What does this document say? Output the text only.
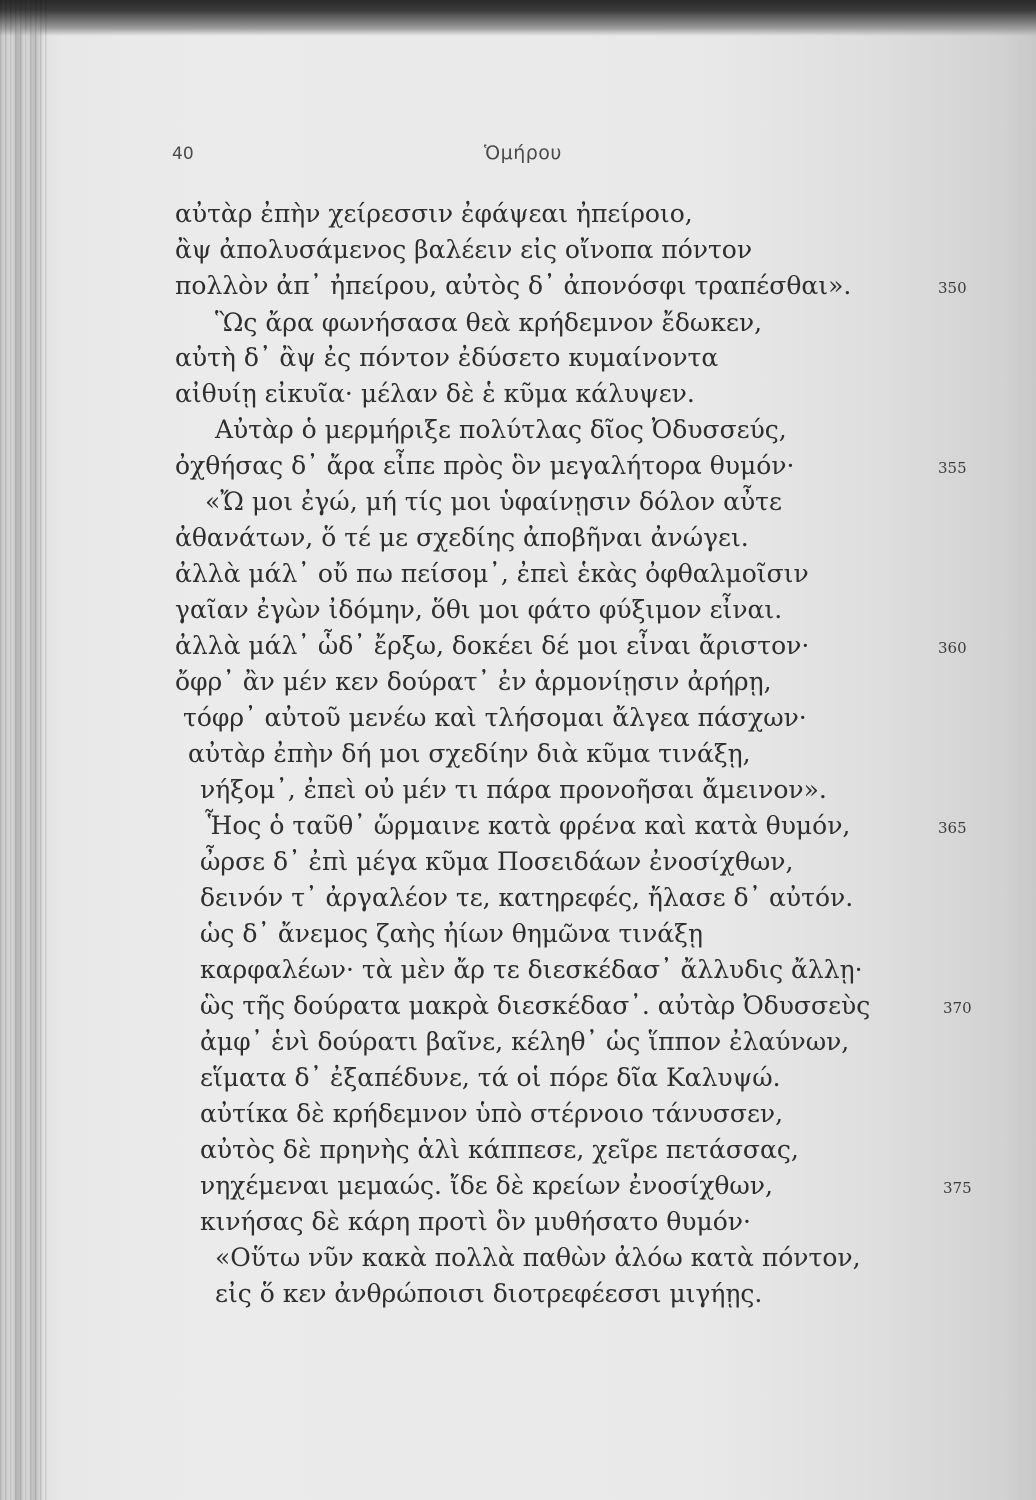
40	Ὁμήρου
αὐτὰρ ἐπὴν χείρεσσιν ἐφάψεαι ἠπείροιο,
ἂψ ἀπολυσάμενος βαλέειν εἰς οἴνοπα πόντον
πολλὸν ἀπ᾿ ἠπείρου, αὐτὸς δ᾿ ἀπονόσφι τραπέσθαι».	350
Ὣς ἄρα φωνήσασα θεὰ κρήδεμνον ἔδωκεν,
αὐτὴ δ᾿ ἂψ ἐς πόντον ἐδύσετο κυμαίνοντα
αἰθυίῃ εἰκυῖα· μέλαν δὲ ἑ κῦμα κάλυψεν.
Αὐτὰρ ὁ μερμήριξε πολύτλας δῖος Ὀδυσσεύς,
ὀχθήσας δ᾿ ἄρα εἶπε πρὸς ὃν μεγαλήτορα θυμόν·	355
«Ὤ μοι ἐγώ, μή τίς μοι ὑφαίνῃσιν δόλον αὖτε
ἀθανάτων, ὅ τέ με σχεδίης ἀποβῆναι ἀνώγει.
ἀλλὰ μάλ᾿ οὔ πω πείσομ᾿, ἐπεὶ ἑκὰς ὀφθαλμοῖσιν
γαῖαν ἐγὼν ἰδόμην, ὅθι μοι φάτο φύξιμον εἶναι.
ἀλλὰ μάλ᾿ ὧδ᾿ ἔρξω, δοκέει δέ μοι εἶναι ἄριστον·	360
ὄφρ᾿ ἂν μέν κεν δούρατ᾿ ἐν ἁρμονίῃσιν ἀρήρῃ,
τόφρ᾿ αὐτοῦ μενέω καὶ τλήσομαι ἄλγεα πάσχων·
αὐτὰρ ἐπὴν δή μοι σχεδίην διὰ κῦμα τινάξῃ,
νήξομ᾿, ἐπεὶ οὐ μέν τι πάρα προνοῆσαι ἄμεινον».
Ἧος ὁ ταῦθ᾿ ὥρμαινε κατὰ φρένα καὶ κατὰ θυμόν,	365
ὦρσε δ᾿ ἐπὶ μέγα κῦμα Ποσειδάων ἐνοσίχθων,
δεινόν τ᾿ ἀργαλέον τε, κατηρεφές, ἤλασε δ᾿ αὐτόν.
ὡς δ᾿ ἄνεμος ζαὴς ἠίων θημῶνα τινάξῃ
καρφαλέων· τὰ μὲν ἄρ τε διεσκέδασ᾿ ἄλλυδις ἄλλῃ·
ὣς τῆς δούρατα μακρὰ διεσκέδασ᾿. αὐτὰρ Ὀδυσσεὺς	370
ἀμφ᾿ ἑνὶ δούρατι βαῖνε, κέληθ᾿ ὡς ἵππον ἐλαύνων,
εἵματα δ᾿ ἐξαπέδυνε, τά οἱ πόρε δῖα Καλυψώ.
αὐτίκα δὲ κρήδεμνον ὑπὸ στέρνοιο τάνυσσεν,
αὐτὸς δὲ πρηνὴς ἁλὶ κάππεσε, χεῖρε πετάσσας,
νηχέμεναι μεμαώς. ἴδε δὲ κρείων ἐνοσίχθων,	375
κινήσας δὲ κάρη προτὶ ὃν μυθήσατο θυμόν·
«Οὕτω νῦν κακὰ πολλὰ παθὼν ἀλόω κατὰ πόντον,
εἰς ὅ κεν ἀνθρώποισι διοτρεφέεσσι μιγήῃς.
